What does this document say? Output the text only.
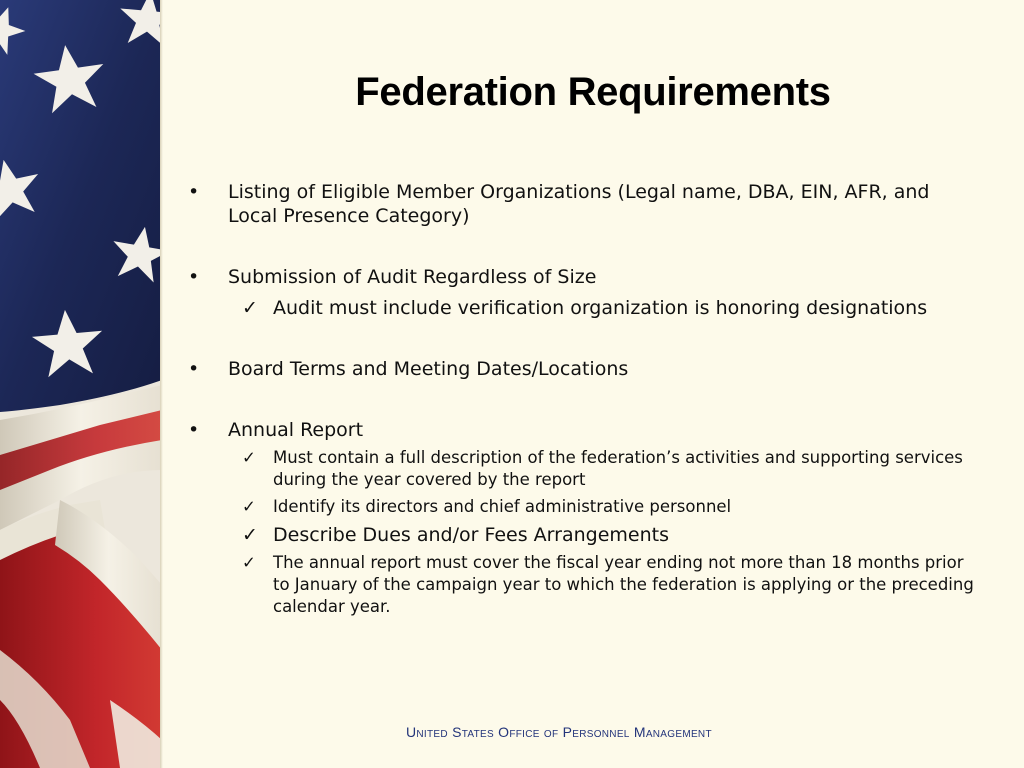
Federation Requirements
•	Listing of Eligible Member Organizations (Legal name, DBA, EIN, AFR, and Local Presence Category)
•	Submission of Audit Regardless of Size
✓ Audit must include verification organization is honoring designations
•	Board Terms and Meeting Dates/Locations
•	Annual Report
✓	Must contain a full description of the federation’s activities and supporting services during the year covered by the report
✓	Identify its directors and chief administrative personnel
✓ Describe Dues and/or Fees Arrangements
✓	The annual report must cover the fiscal year ending not more than 18 months prior to January of the campaign year to which the federation is applying or the preceding calendar year.
United States Office of Personnel Management
